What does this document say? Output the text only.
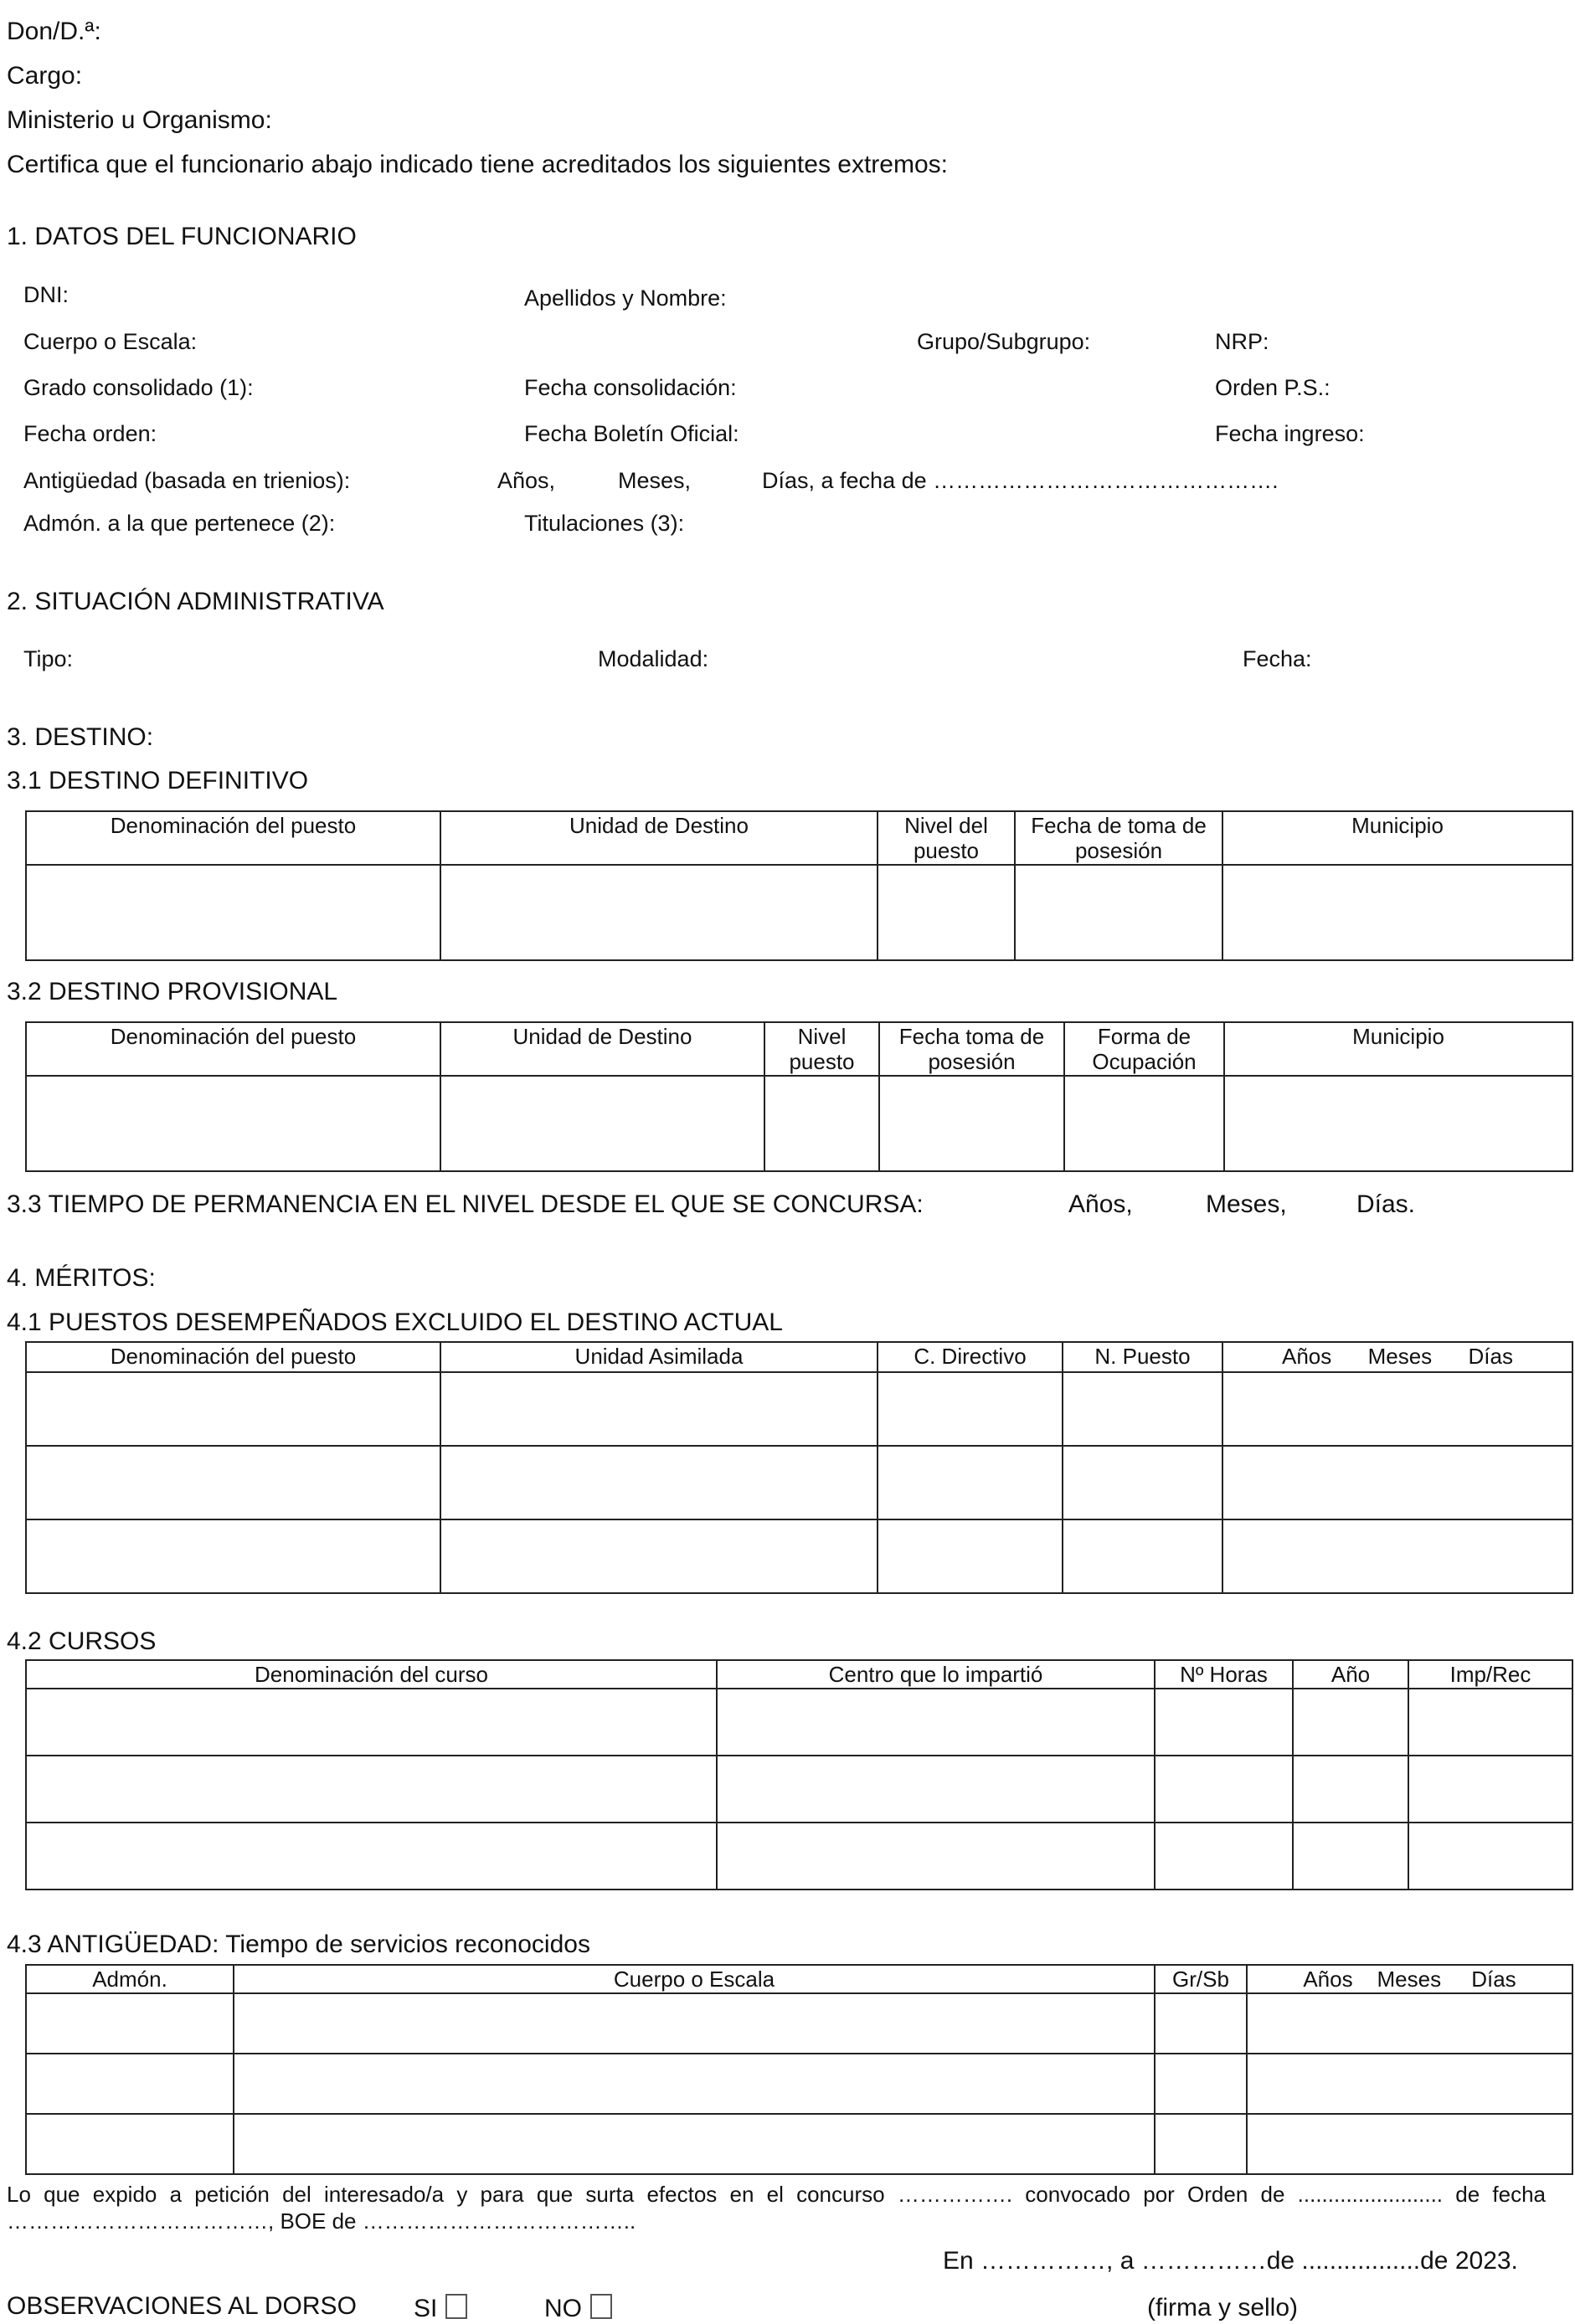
Don/D.ª:
Cargo:
Ministerio u Organismo:
Certifica que el funcionario abajo indicado tiene acreditados los siguientes extremos:
1. DATOS DEL FUNCIONARIO
DNI:	Apellidos y Nombre:
Cuerpo o Escala:	Grupo/Subgrupo:	NRP:
Grado consolidado (1):	Fecha consolidación:	Orden P.S.:
Fecha orden:	Fecha Boletín Oficial:	Fecha ingreso:
Antigüedad (basada en trienios):	Años,	Meses,	Días, a fecha de ……………………………………….
Admón. a la que pertenece (2):	Titulaciones (3):
2. SITUACIÓN ADMINISTRATIVA
Tipo:	Modalidad:	Fecha:
3. DESTINO:
3.1 DESTINO DEFINITIVO
Denominación del puesto	Unidad de Destino	Nivel del puesto	Fecha de toma de posesión	Municipio

3.2 DESTINO PROVISIONAL
Denominación del puesto	Unidad de Destino	Nivel puesto	Fecha toma de posesión	Forma de Ocupación	Municipio

3.3 TIEMPO DE PERMANENCIA EN EL NIVEL DESDE EL QUE SE CONCURSA:	Años,	Meses,	Días.
4. MÉRITOS:
4.1 PUESTOS DESEMPEÑADOS EXCLUIDO EL DESTINO ACTUAL
Denominación del puesto	Unidad Asimilada	C. Directivo	N. Puesto	Años      Meses      Días

4.2 CURSOS
Denominación del curso	Centro que lo impartió	Nº Horas	Año	Imp/Rec

4.3 ANTIGÜEDAD: Tiempo de servicios reconocidos
Admón.	Cuerpo o Escala	Gr/Sb	Años    Meses     Días

Lo que expido a petición del interesado/a y para que surta efectos en el concurso ……………. convocado por Orden de ........................ de fecha
………………………………, BOE de ………………………………..
En ……………, a ……………de .................de 2023.
OBSERVACIONES AL DORSO SI	NO	(firma y sello)
